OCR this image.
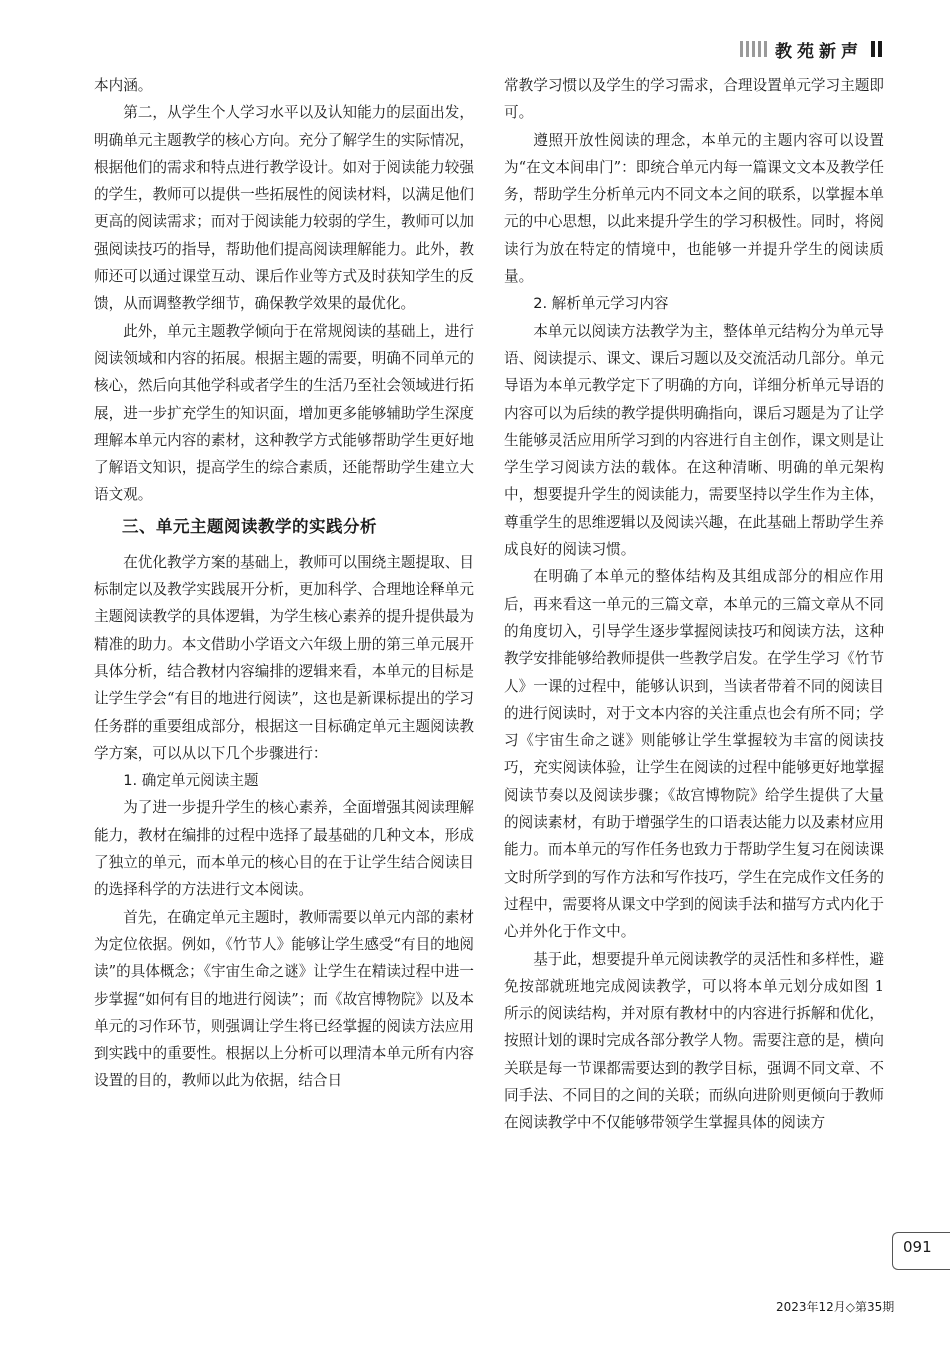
教苑新声

本内涵。

第二，从学生个人学习水平以及认知能力的层面出发，明确单元主题教学的核心方向。充分了解学生的实际情况，根据他们的需求和特点进行教学设计。如对于阅读能力较强的学生，教师可以提供一些拓展性的阅读材料，以满足他们更高的阅读需求；而对于阅读能力较弱的学生，教师可以加强阅读技巧的指导，帮助他们提高阅读理解能力。此外，教师还可以通过课堂互动、课后作业等方式及时获知学生的反馈，从而调整教学细节，确保教学效果的最优化。

此外，单元主题教学倾向于在常规阅读的基础上，进行阅读领域和内容的拓展。根据主题的需要，明确不同单元的核心，然后向其他学科或者学生的生活乃至社会领域进行拓展，进一步扩充学生的知识面，增加更多能够辅助学生深度理解本单元内容的素材，这种教学方式能够帮助学生更好地了解语文知识，提高学生的综合素质，还能帮助学生建立大语文观。

三、单元主题阅读教学的实践分析

在优化教学方案的基础上，教师可以围绕主题提取、目标制定以及教学实践展开分析，更加科学、合理地诠释单元主题阅读教学的具体逻辑，为学生核心素养的提升提供最为精准的助力。本文借助小学语文六年级上册的第三单元展开具体分析，结合教材内容编排的逻辑来看，本单元的目标是让学生学会“有目的地进行阅读”，这也是新课标提出的学习任务群的重要组成部分，根据这一目标确定单元主题阅读教学方案，可以从以下几个步骤进行：

1. 确定单元阅读主题

为了进一步提升学生的核心素养，全面增强其阅读理解能力，教材在编排的过程中选择了最基础的几种文本，形成了独立的单元，而本单元的核心目的在于让学生结合阅读目的选择科学的方法进行文本阅读。

首先，在确定单元主题时，教师需要以单元内部的素材为定位依据。例如，《竹节人》能够让学生感受“有目的地阅读”的具体概念；《宇宙生命之谜》让学生在精读过程中进一步掌握“如何有目的地进行阅读”；而《故宫博物院》以及本单元的习作环节，则强调让学生将已经掌握的阅读方法应用到实践中的重要性。根据以上分析可以理清本单元所有内容设置的目的，教师以此为依据，结合日

常教学习惯以及学生的学习需求，合理设置单元学习主题即可。

遵照开放性阅读的理念，本单元的主题内容可以设置为“在文本间串门”：即统合单元内每一篇课文文本及教学任务，帮助学生分析单元内不同文本之间的联系，以掌握本单元的中心思想，以此来提升学生的学习积极性。同时，将阅读行为放在特定的情境中，也能够一并提升学生的阅读质量。

2. 解析单元学习内容

本单元以阅读方法教学为主，整体单元结构分为单元导语、阅读提示、课文、课后习题以及交流活动几部分。单元导语为本单元教学定下了明确的方向，详细分析单元导语的内容可以为后续的教学提供明确指向，课后习题是为了让学生能够灵活应用所学习到的内容进行自主创作，课文则是让学生学习阅读方法的载体。在这种清晰、明确的单元架构中，想要提升学生的阅读能力，需要坚持以学生作为主体，尊重学生的思维逻辑以及阅读兴趣，在此基础上帮助学生养成良好的阅读习惯。

在明确了本单元的整体结构及其组成部分的相应作用后，再来看这一单元的三篇文章，本单元的三篇文章从不同的角度切入，引导学生逐步掌握阅读技巧和阅读方法，这种教学安排能够给教师提供一些教学启发。在学生学习《竹节人》一课的过程中，能够认识到，当读者带着不同的阅读目的进行阅读时，对于文本内容的关注重点也会有所不同；学习《宇宙生命之谜》则能够让学生掌握较为丰富的阅读技巧，充实阅读体验，让学生在阅读的过程中能够更好地掌握阅读节奏以及阅读步骤；《故宫博物院》给学生提供了大量的阅读素材，有助于增强学生的口语表达能力以及素材应用能力。而本单元的写作任务也致力于帮助学生复习在阅读课文时所学到的写作方法和写作技巧，学生在完成作文任务的过程中，需要将从课文中学到的阅读手法和描写方式内化于心并外化于作文中。

基于此，想要提升单元阅读教学的灵活性和多样性，避免按部就班地完成阅读教学，可以将本单元划分成如图 1 所示的阅读结构，并对原有教材中的内容进行拆解和优化，按照计划的课时完成各部分教学人物。需要注意的是，横向关联是每一节课都需要达到的教学目标，强调不同文章、不同手法、不同目的之间的关联；而纵向进阶则更倾向于教师在阅读教学中不仅能够带领学生掌握具体的阅读方

091
2023年12月◇第35期
